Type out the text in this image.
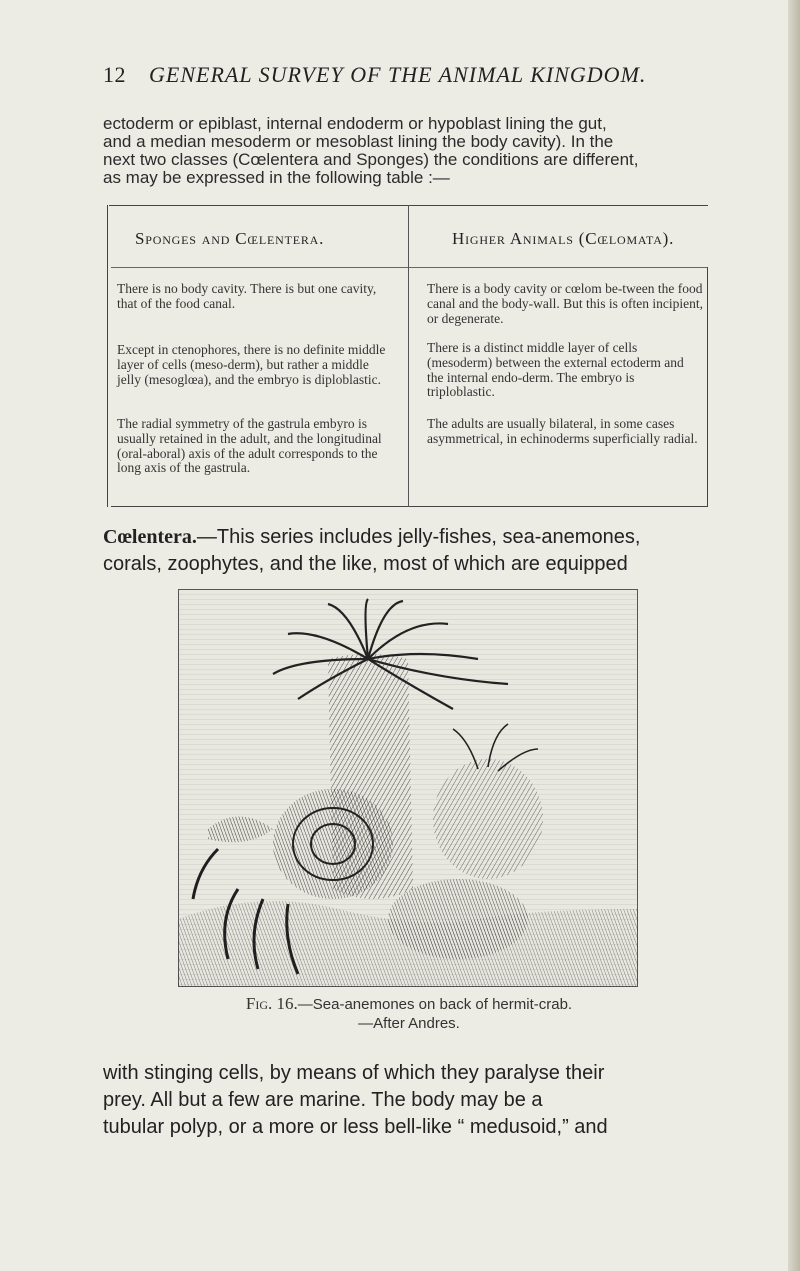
12 GENERAL SURVEY OF THE ANIMAL KINGDOM.
ectoderm or epiblast, internal endoderm or hypoblast lining the gut,
and a median mesoderm or mesoblast lining the body cavity). In the
next two classes (Cœlentera and Sponges) the conditions are different,
as may be expressed in the following table :—
Sponges and Cœlentera.	Higher Animals (Cœlomata).

There is no body cavity. There is but one cavity, that of the food canal.

Except in ctenophores, there is no definite middle layer of cells (meso-derm), but rather a middle jelly (mesoglœa), and the embryo is diploblastic.

The radial symmetry of the gastrula embyro is usually retained in the adult, and the longitudinal (oral-aboral) axis of the adult corresponds to the long axis of the gastrula.

There is a body cavity or cœlom be-tween the food canal and the body-wall. But this is often incipient, or degenerate.

There is a distinct middle layer of cells (mesoderm) between the external ectoderm and the internal endo-derm. The embryo is triploblastic.

The adults are usually bilateral, in some cases asymmetrical, in echinoderms superficially radial.

Cœlentera.—This series includes jelly-fishes, sea-anemones,
corals, zoophytes, and the like, most of which are equipped
Fig. 16.—Sea-anemones on back of hermit-crab.
—After Andres.
with stinging cells, by means of which they paralyse their
prey. All but a few are marine. The body may be a
tubular polyp, or a more or less bell-like “ medusoid,” and
